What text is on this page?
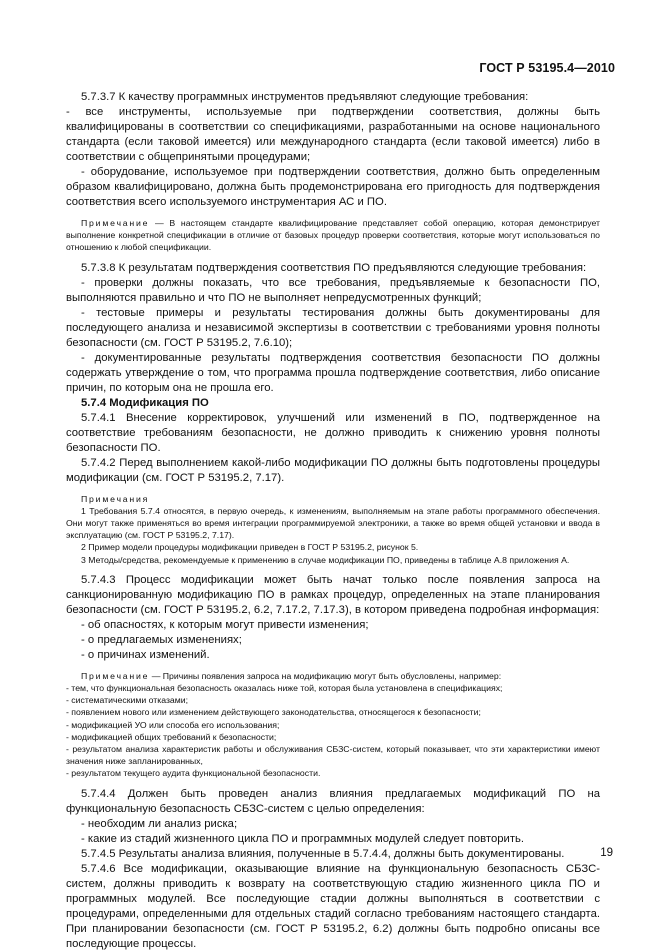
ГОСТ Р 53195.4—2010

5.7.3.7 К качеству программных инструментов предъявляют следующие требования:

- все инструменты, используемые при подтверждении соответствия, должны быть квалифицированы в соответствии со спецификациями, разработанными на основе национального стандарта (если таковой имеется) или международного стандарта (если таковой имеется) либо в соответствии с общепринятыми процедурами;

- оборудование, используемое при подтверждении соответствия, должно быть определенным образом квалифицировано, должна быть продемонстрирована его пригодность для подтверждения соответствия всего используемого инструментария АС и ПО.

Примечание — В настоящем стандарте квалифицирование представляет собой операцию, которая демонстрирует выполнение конкретной спецификации в отличие от базовых процедур проверки соответствия, которые могут использоваться по отношению к любой спецификации.

5.7.3.8 К результатам подтверждения соответствия ПО предъявляются следующие требования:

- проверки должны показать, что все требования, предъявляемые к безопасности ПО, выполняются правильно и что ПО не выполняет непредусмотренных функций;

- тестовые примеры и результаты тестирования должны быть документированы для последующего анализа и независимой экспертизы в соответствии с требованиями уровня полноты безопасности (см. ГОСТ Р 53195.2, 7.6.10);

- документированные результаты подтверждения соответствия безопасности ПО должны содержать утверждение о том, что программа прошла подтверждение соответствия, либо описание причин, по которым она не прошла его.

5.7.4 Модификация ПО

5.7.4.1 Внесение корректировок, улучшений или изменений в ПО, подтвержденное на соответствие требованиям безопасности, не должно приводить к снижению уровня полноты безопасности ПО.

5.7.4.2 Перед выполнением какой-либо модификации ПО должны быть подготовлены процедуры модификации (см. ГОСТ Р 53195.2, 7.17).

Примечания

1 Требования 5.7.4 относятся, в первую очередь, к изменениям, выполняемым на этапе работы программного обеспечения. Они могут также применяться во время интеграции программируемой электроники, а также во время общей установки и ввода в эксплуатацию (см. ГОСТ Р 53195.2, 7.17).

2 Пример модели процедуры модификации приведен в ГОСТ Р 53195.2, рисунок 5.

3 Методы/средства, рекомендуемые к применению в случае модификации ПО, приведены в таблице А.8 приложения А.

5.7.4.3 Процесс модификации может быть начат только после появления запроса на санкционированную модификацию ПО в рамках процедур, определенных на этапе планирования безопасности (см. ГОСТ Р 53195.2, 6.2, 7.17.2, 7.17.3), в котором приведена подробная информация:

- об опасностях, к которым могут привести изменения;

- о предлагаемых изменениях;

- о причинах изменений.

Примечание — Причины появления запроса на модификацию могут быть обусловлены, например:

- тем, что функциональная безопасность оказалась ниже той, которая была установлена в спецификациях;

- систематическими отказами;

- появлением нового или изменением действующего законодательства, относящегося к безопасности;

- модификацией УО или способа его использования;

- модификацией общих требований к безопасности;

- результатом анализа характеристик работы и обслуживания СБЗС-систем, который показывает, что эти характеристики имеют значения ниже запланированных,

- результатом текущего аудита функциональной безопасности.

5.7.4.4 Должен быть проведен анализ влияния предлагаемых модификаций ПО на функциональную безопасность СБЗС-систем с целью определения:

- необходим ли анализ риска;

- какие из стадий жизненного цикла ПО и программных модулей следует повторить.

5.7.4.5 Результаты анализа влияния, полученные в 5.7.4.4, должны быть документированы.

5.7.4.6 Все модификации, оказывающие влияние на функциональную безопасность СБЗС-систем, должны приводить к возврату на соответствующую стадию жизненного цикла ПО и программных модулей. Все последующие стадии должны выполняться в соответствии с процедурами, определенными для отдельных стадий согласно требованиям настоящего стандарта. При планировании безопасности (см. ГОСТ Р 53195.2, 6.2) должны быть подробно описаны все последующие процессы.

19
